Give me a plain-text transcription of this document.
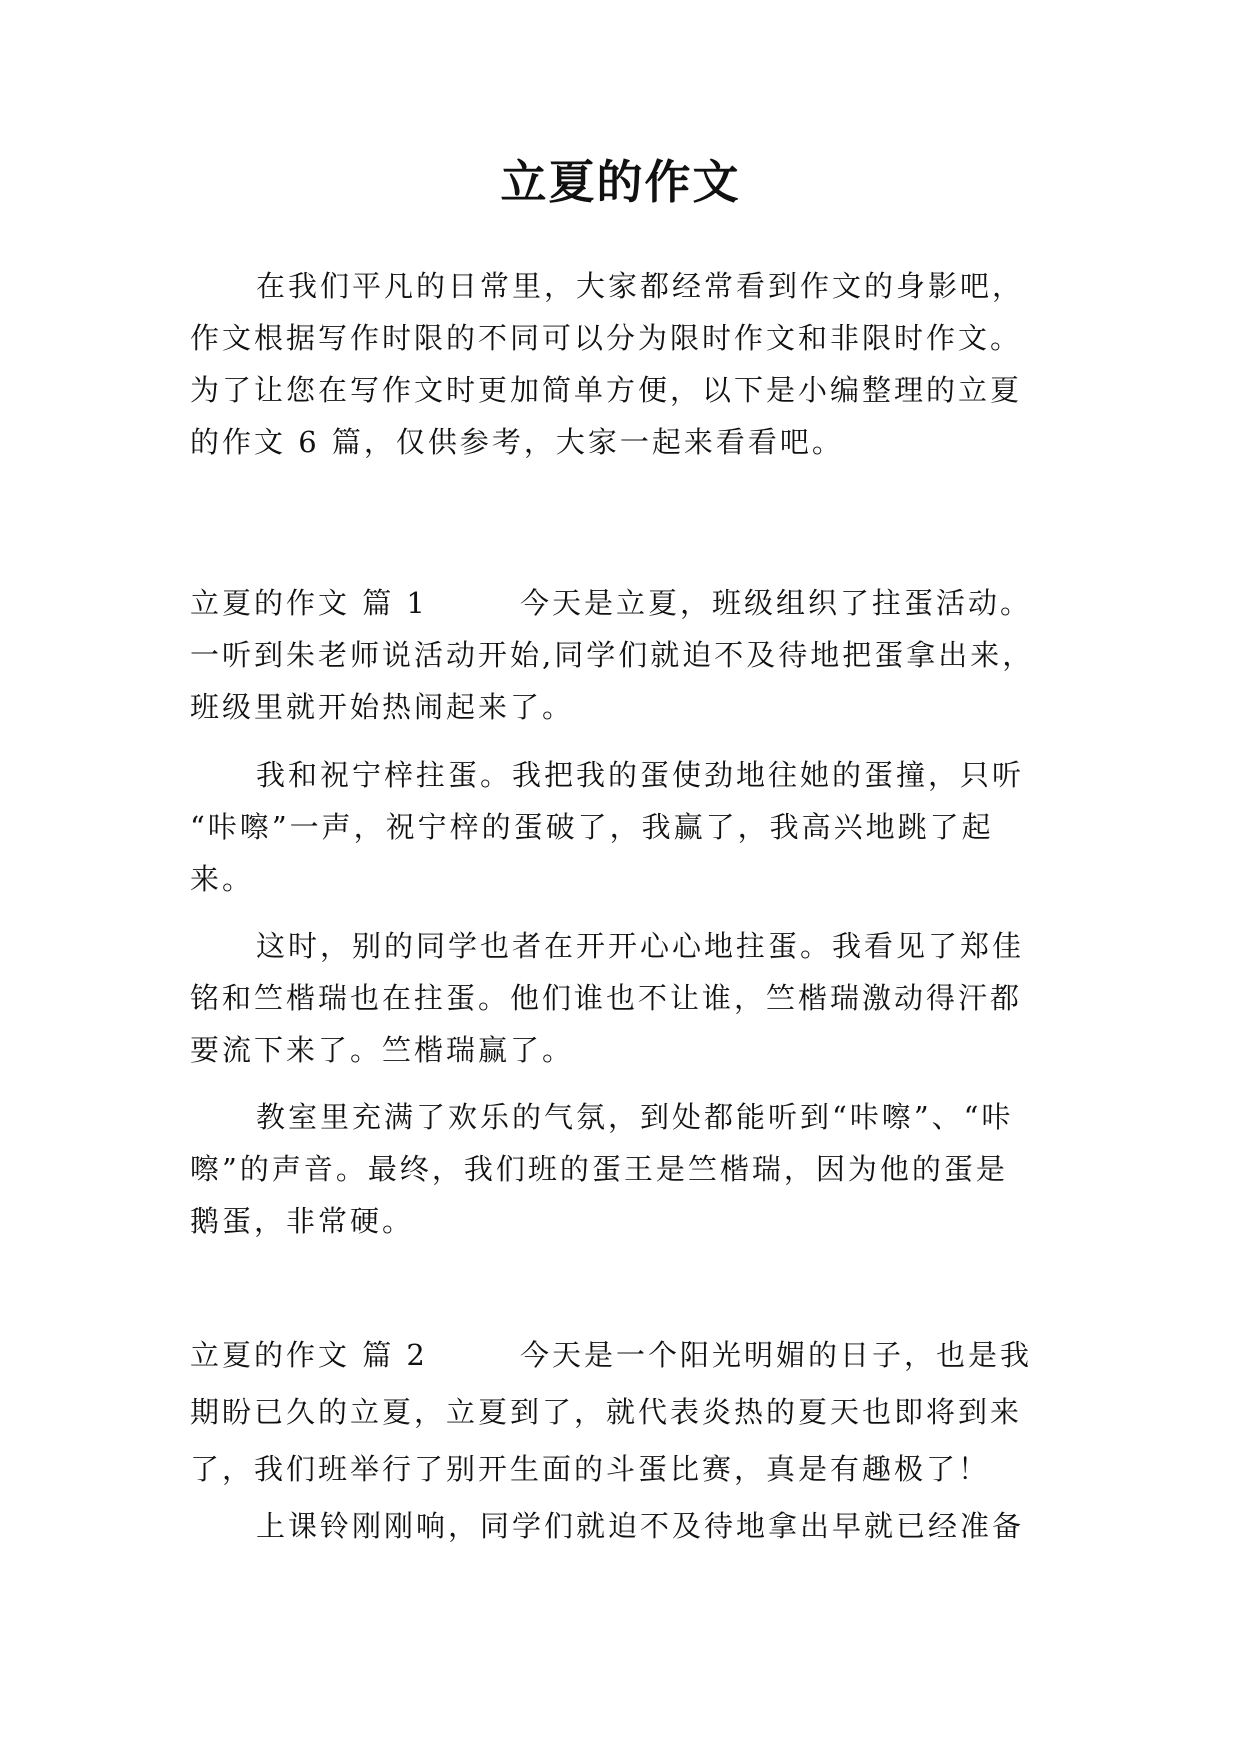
立夏的作文
在我们平凡的日常里，大家都经常看到作文的身影吧，
作文根据写作时限的不同可以分为限时作文和非限时作文。
为了让您在写作文时更加简单方便，以下是小编整理的立夏
的作文 6 篇，仅供参考，大家一起来看看吧。
立夏的作文 篇 1	今天是立夏，班级组织了拄蛋活动。
一听到朱老师说活动开始,同学们就迫不及待地把蛋拿出来，
班级里就开始热闹起来了。
我和祝宁梓拄蛋。我把我的蛋使劲地往她的蛋撞，只听
“咔嚓”一声，祝宁梓的蛋破了，我赢了，我高兴地跳了起
来。
这时，别的同学也者在开开心心地拄蛋。我看见了郑佳
铭和竺楷瑞也在拄蛋。他们谁也不让谁，竺楷瑞激动得汗都
要流下来了。竺楷瑞赢了。
教室里充满了欢乐的气氛，到处都能听到“咔嚓”、“咔
嚓”的声音。最终，我们班的蛋王是竺楷瑞，因为他的蛋是
鹅蛋，非常硬。
立夏的作文 篇 2	今天是一个阳光明媚的日子，也是我
期盼已久的立夏，立夏到了，就代表炎热的夏天也即将到来
了，我们班举行了别开生面的斗蛋比赛，真是有趣极了！
上课铃刚刚响，同学们就迫不及待地拿出早就已经准备
